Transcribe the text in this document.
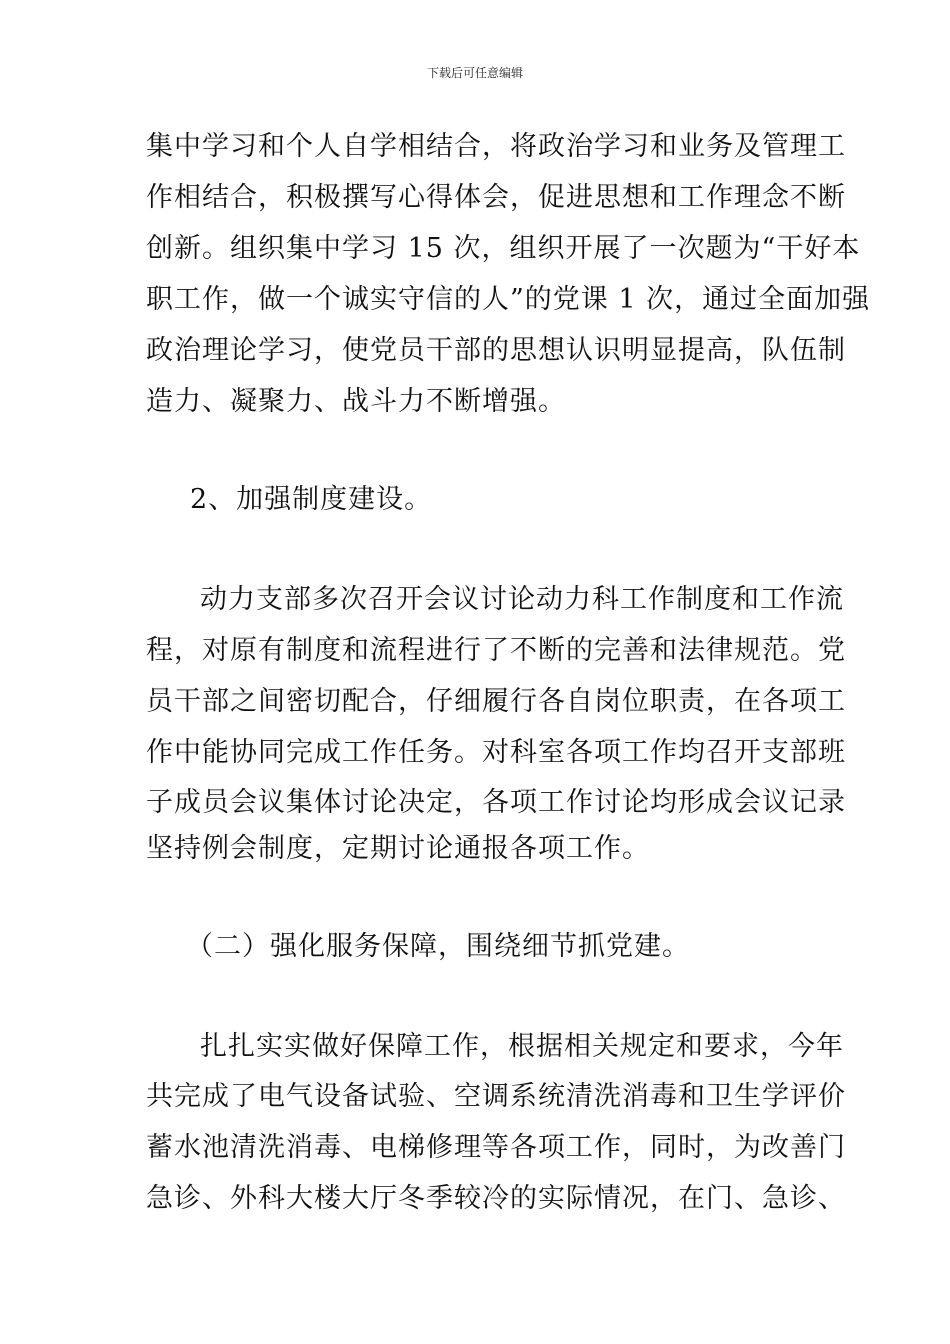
下载后可任意编辑
集中学习和个人自学相结合，将政治学习和业务及管理工
作相结合，积极撰写心得体会，促进思想和工作理念不断
创新。组织集中学习 15 次，组织开展了一次题为“干好本
职工作，做一个诚实守信的人”的党课 1 次，通过全面加强
政治理论学习，使党员干部的思想认识明显提高，队伍制
造力、凝聚力、战斗力不断增强。
2、加强制度建设。
动力支部多次召开会议讨论动力科工作制度和工作流
程，对原有制度和流程进行了不断的完善和法律规范。党
员干部之间密切配合，仔细履行各自岗位职责，在各项工
作中能协同完成工作任务。对科室各项工作均召开支部班
子成员会议集体讨论决定，各项工作讨论均形成会议记录
坚持例会制度，定期讨论通报各项工作。
（二）强化服务保障，围绕细节抓党建。
扎扎实实做好保障工作，根据相关规定和要求，今年
共完成了电气设备试验、空调系统清洗消毒和卫生学评价
蓄水池清洗消毒、电梯修理等各项工作，同时，为改善门
急诊、外科大楼大厅冬季较冷的实际情况，在门、急诊、
